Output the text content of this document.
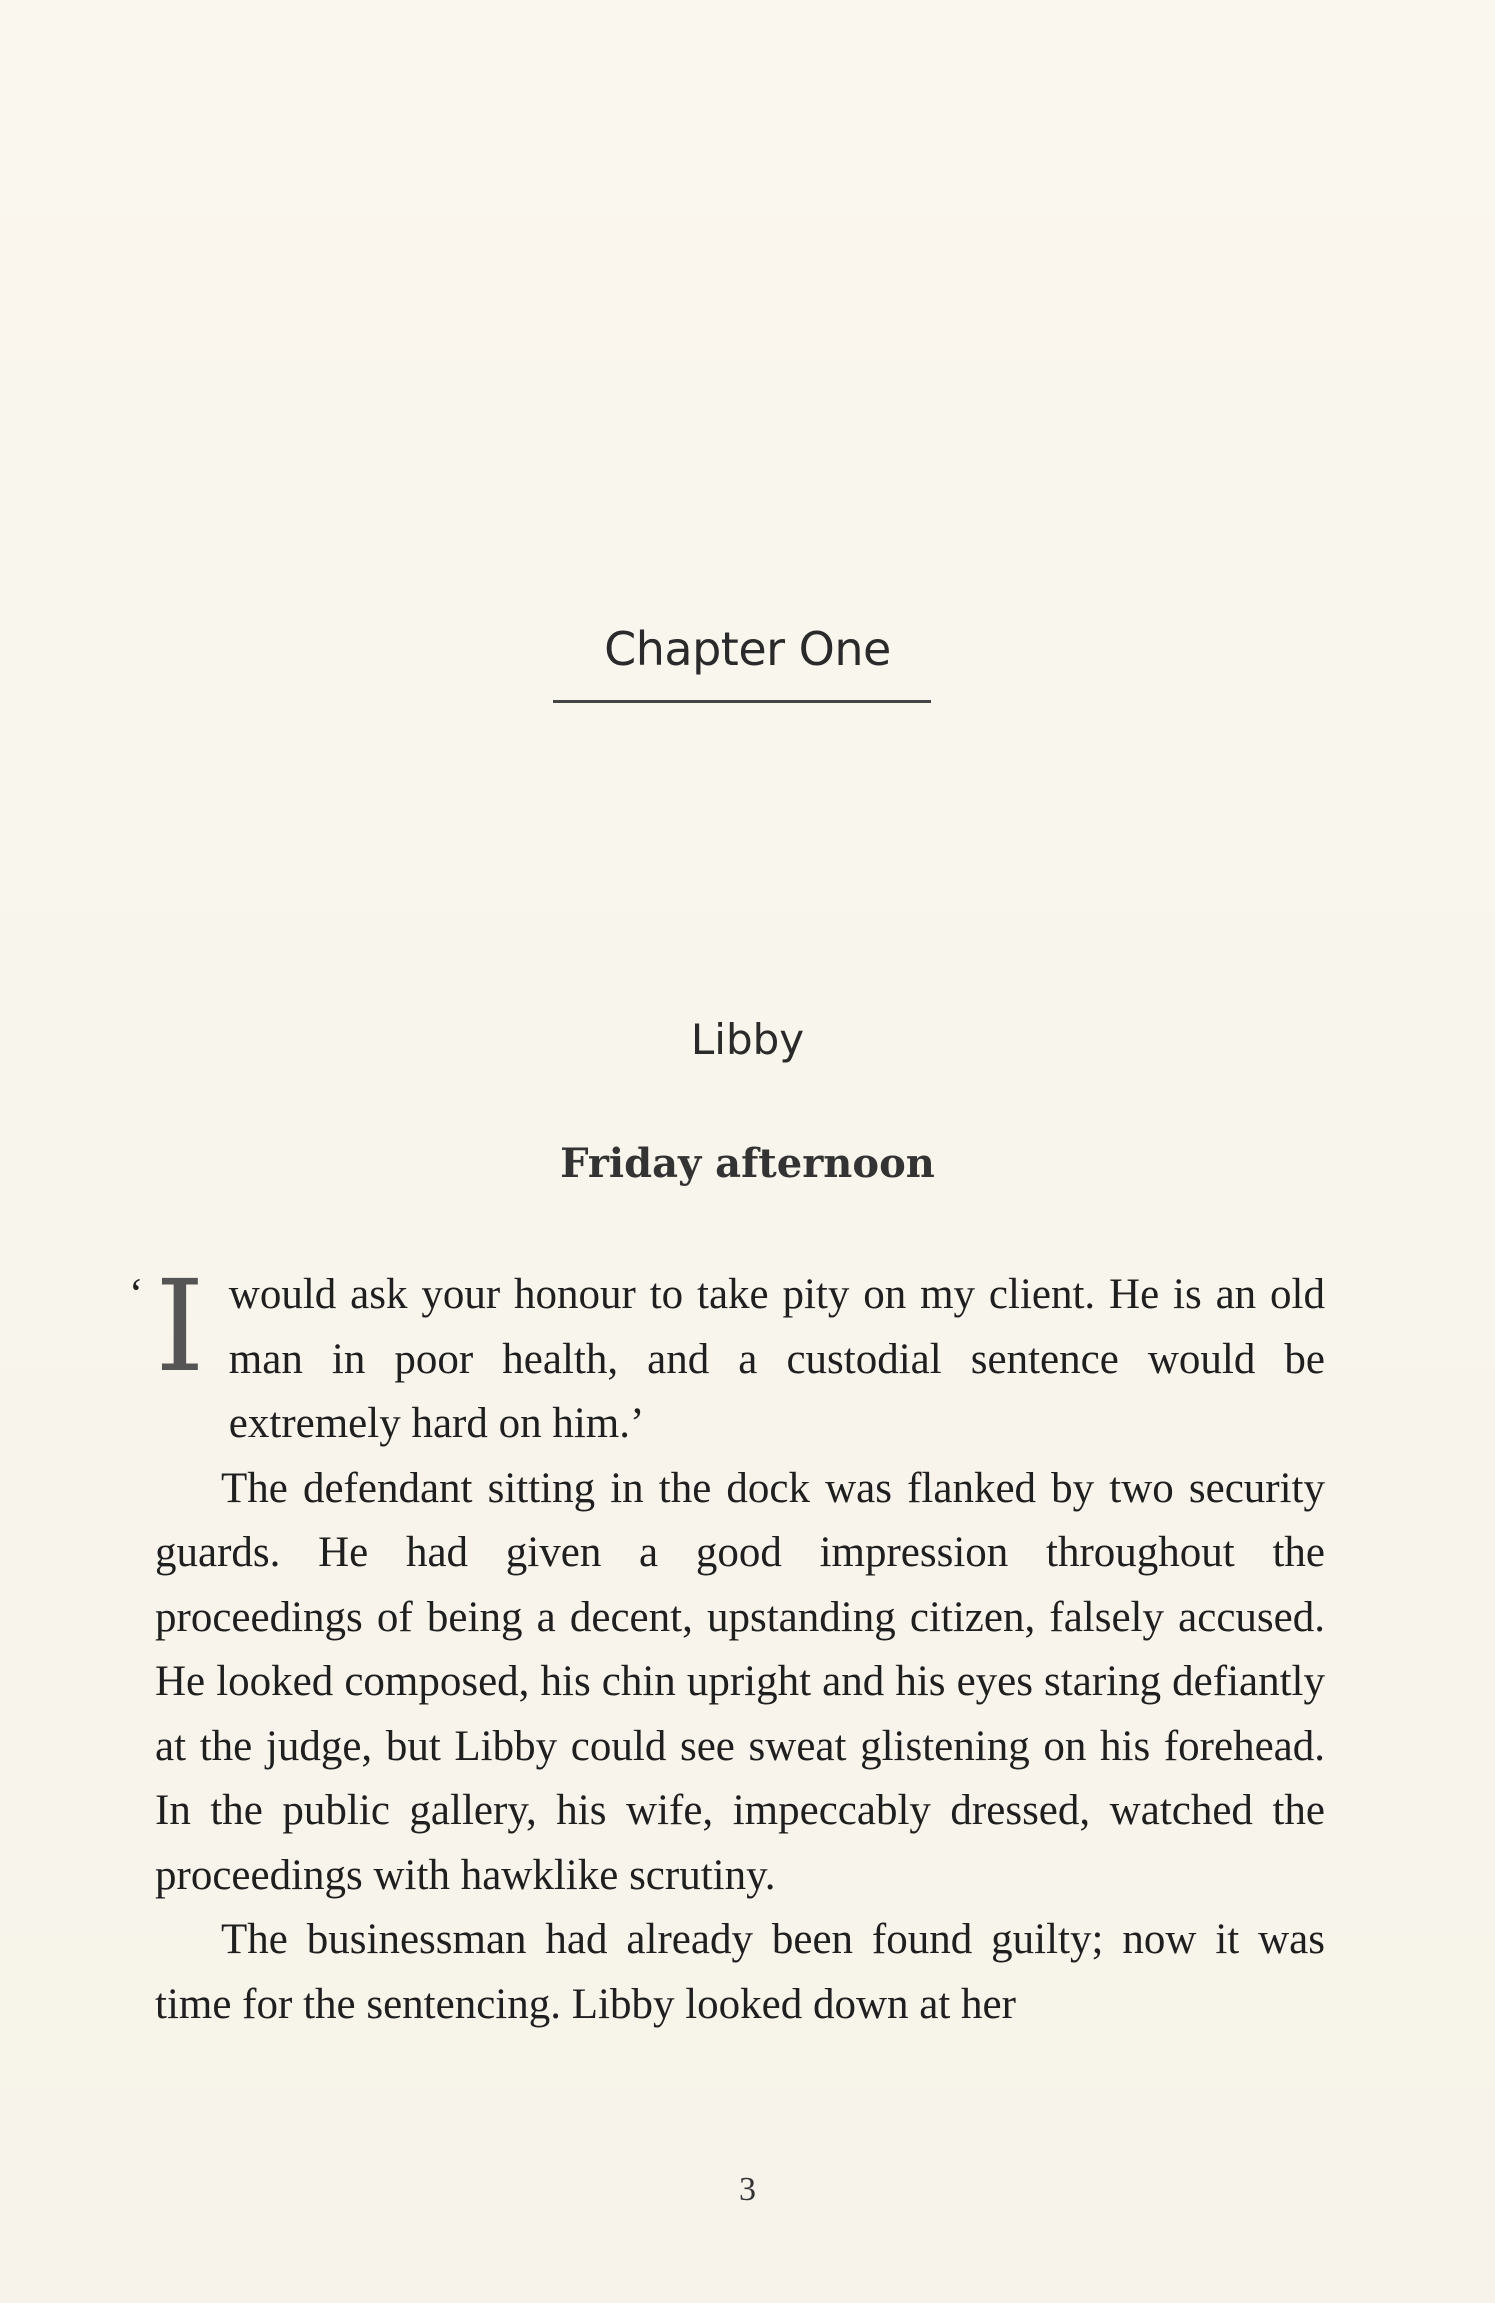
Chapter One
Libby
Friday afternoon

‘ I would ask your honour to take pity on my client. He is an old man in poor health, and a custodial sentence would be extremely hard on him.’

The defendant sitting in the dock was flanked by two security guards. He had given a good impression throughout the proceedings of being a decent, upstanding citizen, falsely accused. He looked composed, his chin upright and his eyes staring defiantly at the judge, but Libby could see sweat glistening on his forehead. In the public gallery, his wife, impeccably dressed, watched the proceedings with hawklike scrutiny.

The businessman had already been found guilty; now it was time for the sentencing. Libby looked down at her

3
